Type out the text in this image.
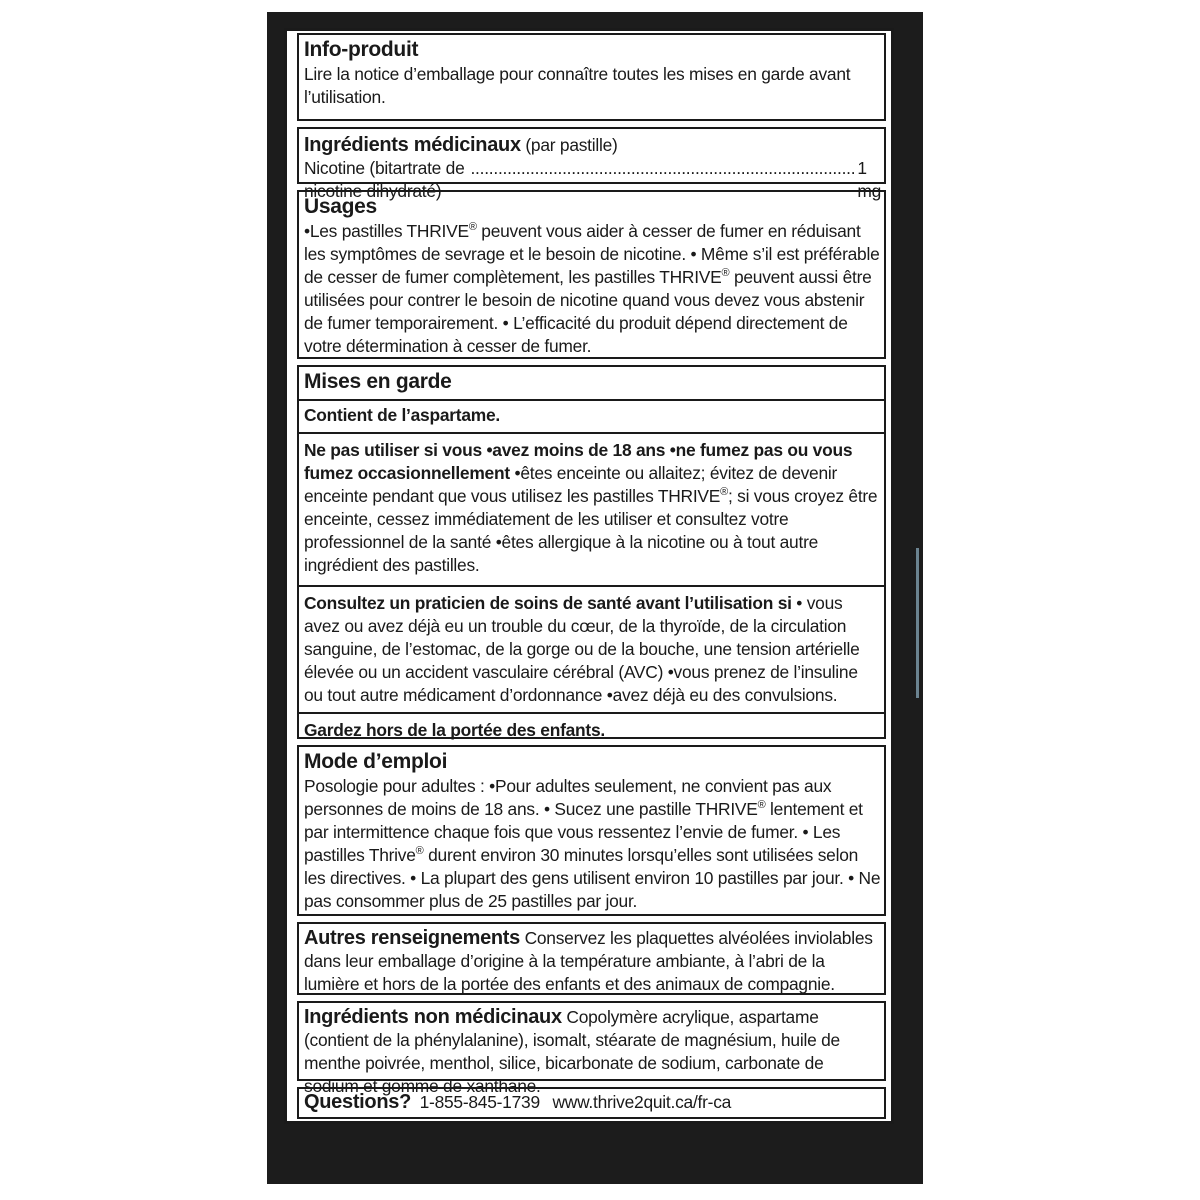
Info-produit

Lire la notice d’emballage pour connaître toutes les mises en garde avant l’utilisation.

Ingrédients médicinaux (par pastille)

Nicotine (bitartrate de nicotine dihydraté)
.................................................................................... 1 mg
Usages

•Les pastilles THRIVE® peuvent vous aider à cesser de fumer en réduisant les symptômes de sevrage et le besoin de nicotine. • Même s’il est préférable de cesser de fumer complètement, les pastilles THRIVE® peuvent aussi être utilisées pour contrer le besoin de nicotine quand vous devez vous abstenir de fumer temporairement. • L’efficacité du produit dépend directement de votre détermination à cesser de fumer.

Mises en garde
Contient de l’aspartame.

Ne pas utiliser si vous •avez moins de 18 ans •ne fumez pas ou vous fumez occasionnellement •êtes enceinte ou allaitez; évitez de devenir enceinte pendant que vous utilisez les pastilles THRIVE®; si vous croyez être enceinte, cessez immédiatement de les utiliser et consultez votre professionnel de la santé •êtes allergique à la nicotine ou à tout autre ingrédient des pastilles.

Consultez un praticien de soins de santé avant l’utilisation si • vous avez ou avez déjà eu un trouble du cœur, de la thyroïde, de la circulation sanguine, de l’estomac, de la gorge ou de la bouche, une tension artérielle élevée ou un accident vasculaire cérébral (AVC) •vous prenez de l’insuline ou tout autre médicament d’ordonnance •avez déjà eu des convulsions.

Gardez hors de la portée des enfants.
Mode d’emploi

Posologie pour adultes : •Pour adultes seulement, ne convient pas aux personnes de moins de 18 ans. • Sucez une pastille THRIVE® lentement et par intermittence chaque fois que vous ressentez l’envie de fumer. • Les pastilles Thrive® durent environ 30 minutes lorsqu’elles sont utilisées selon les directives. • La plupart des gens utilisent environ 10 pastilles par jour. • Ne pas consommer plus de 25 pastilles par jour.

Autres renseignements Conservez les plaquettes alvéolées inviolables dans leur emballage d’origine à la température ambiante, à l’abri de la lumière et hors de la portée des enfants et des animaux de compagnie.

Ingrédients non médicinaux Copolymère acrylique, aspartame (contient de la phénylalanine), isomalt, stéarate de magnésium, huile de menthe poivrée, menthol, silice, bicarbonate de sodium, carbonate de sodium et gomme de xanthane.

Questions? 1-855-845-1739 www.thrive2quit.ca/fr-ca
